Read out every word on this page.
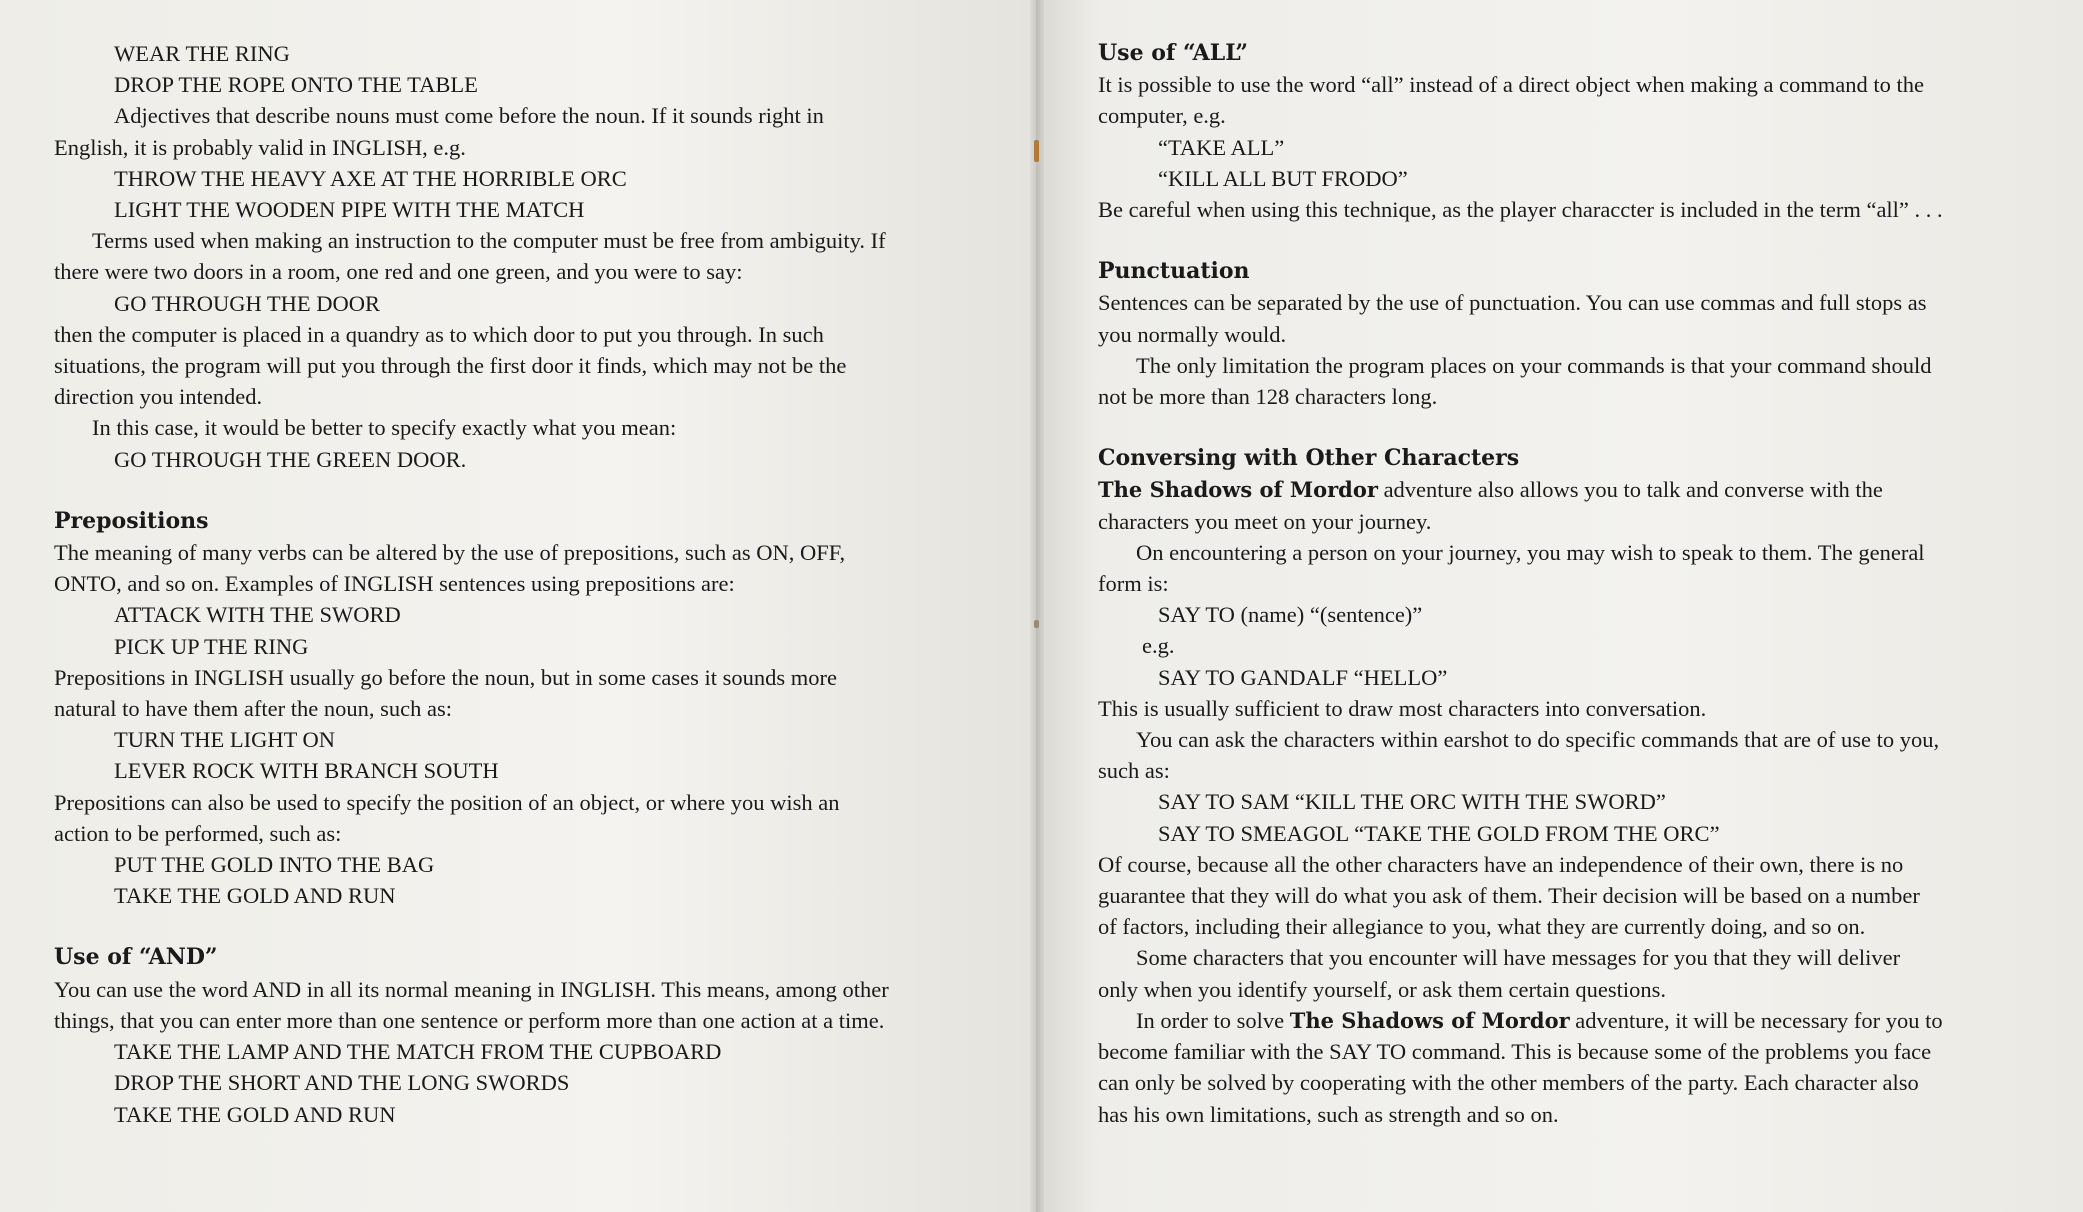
WEAR THE RING

DROP THE ROPE ONTO THE TABLE

Adjectives that describe nouns must come before the noun. If it sounds right in

English, it is probably valid in INGLISH, e.g.

THROW THE HEAVY AXE AT THE HORRIBLE ORC

LIGHT THE WOODEN PIPE WITH THE MATCH

Terms used when making an instruction to the computer must be free from ambiguity. If

there were two doors in a room, one red and one green, and you were to say:

GO THROUGH THE DOOR

then the computer is placed in a quandry as to which door to put you through. In such

situations, the program will put you through the first door it finds, which may not be the

direction you intended.

In this case, it would be better to specify exactly what you mean:

GO THROUGH THE GREEN DOOR.

Prepositions

The meaning of many verbs can be altered by the use of prepositions, such as ON, OFF,

ONTO, and so on. Examples of INGLISH sentences using prepositions are:

ATTACK WITH THE SWORD

PICK UP THE RING

Prepositions in INGLISH usually go before the noun, but in some cases it sounds more

natural to have them after the noun, such as:

TURN THE LIGHT ON

LEVER ROCK WITH BRANCH SOUTH

Prepositions can also be used to specify the position of an object, or where you wish an

action to be performed, such as:

PUT THE GOLD INTO THE BAG

TAKE THE GOLD AND RUN

Use of “AND”

You can use the word AND in all its normal meaning in INGLISH. This means, among other

things, that you can enter more than one sentence or perform more than one action at a time.

TAKE THE LAMP AND THE MATCH FROM THE CUPBOARD

DROP THE SHORT AND THE LONG SWORDS

TAKE THE GOLD AND RUN

Use of “ALL”

It is possible to use the word “all” instead of a direct object when making a command to the

computer, e.g.

“TAKE ALL”

“KILL ALL BUT FRODO”

Be careful when using this technique, as the player characcter is included in the term “all” . . .

Punctuation

Sentences can be separated by the use of punctuation. You can use commas and full stops as

you normally would.

The only limitation the program places on your commands is that your command should

not be more than 128 characters long.

Conversing with Other Characters

The Shadows of Mordor adventure also allows you to talk and converse with the

characters you meet on your journey.

On encountering a person on your journey, you may wish to speak to them. The general

form is:

SAY TO (name) “(sentence)”

e.g.

SAY TO GANDALF “HELLO”

This is usually sufficient to draw most characters into conversation.

You can ask the characters within earshot to do specific commands that are of use to you,

such as:

SAY TO SAM “KILL THE ORC WITH THE SWORD”

SAY TO SMEAGOL “TAKE THE GOLD FROM THE ORC”

Of course, because all the other characters have an independence of their own, there is no

guarantee that they will do what you ask of them. Their decision will be based on a number

of factors, including their allegiance to you, what they are currently doing, and so on.

Some characters that you encounter will have messages for you that they will deliver

only when you identify yourself, or ask them certain questions.

In order to solve The Shadows of Mordor adventure, it will be necessary for you to

become familiar with the SAY TO command. This is because some of the problems you face

can only be solved by cooperating with the other members of the party. Each character also

has his own limitations, such as strength and so on.
